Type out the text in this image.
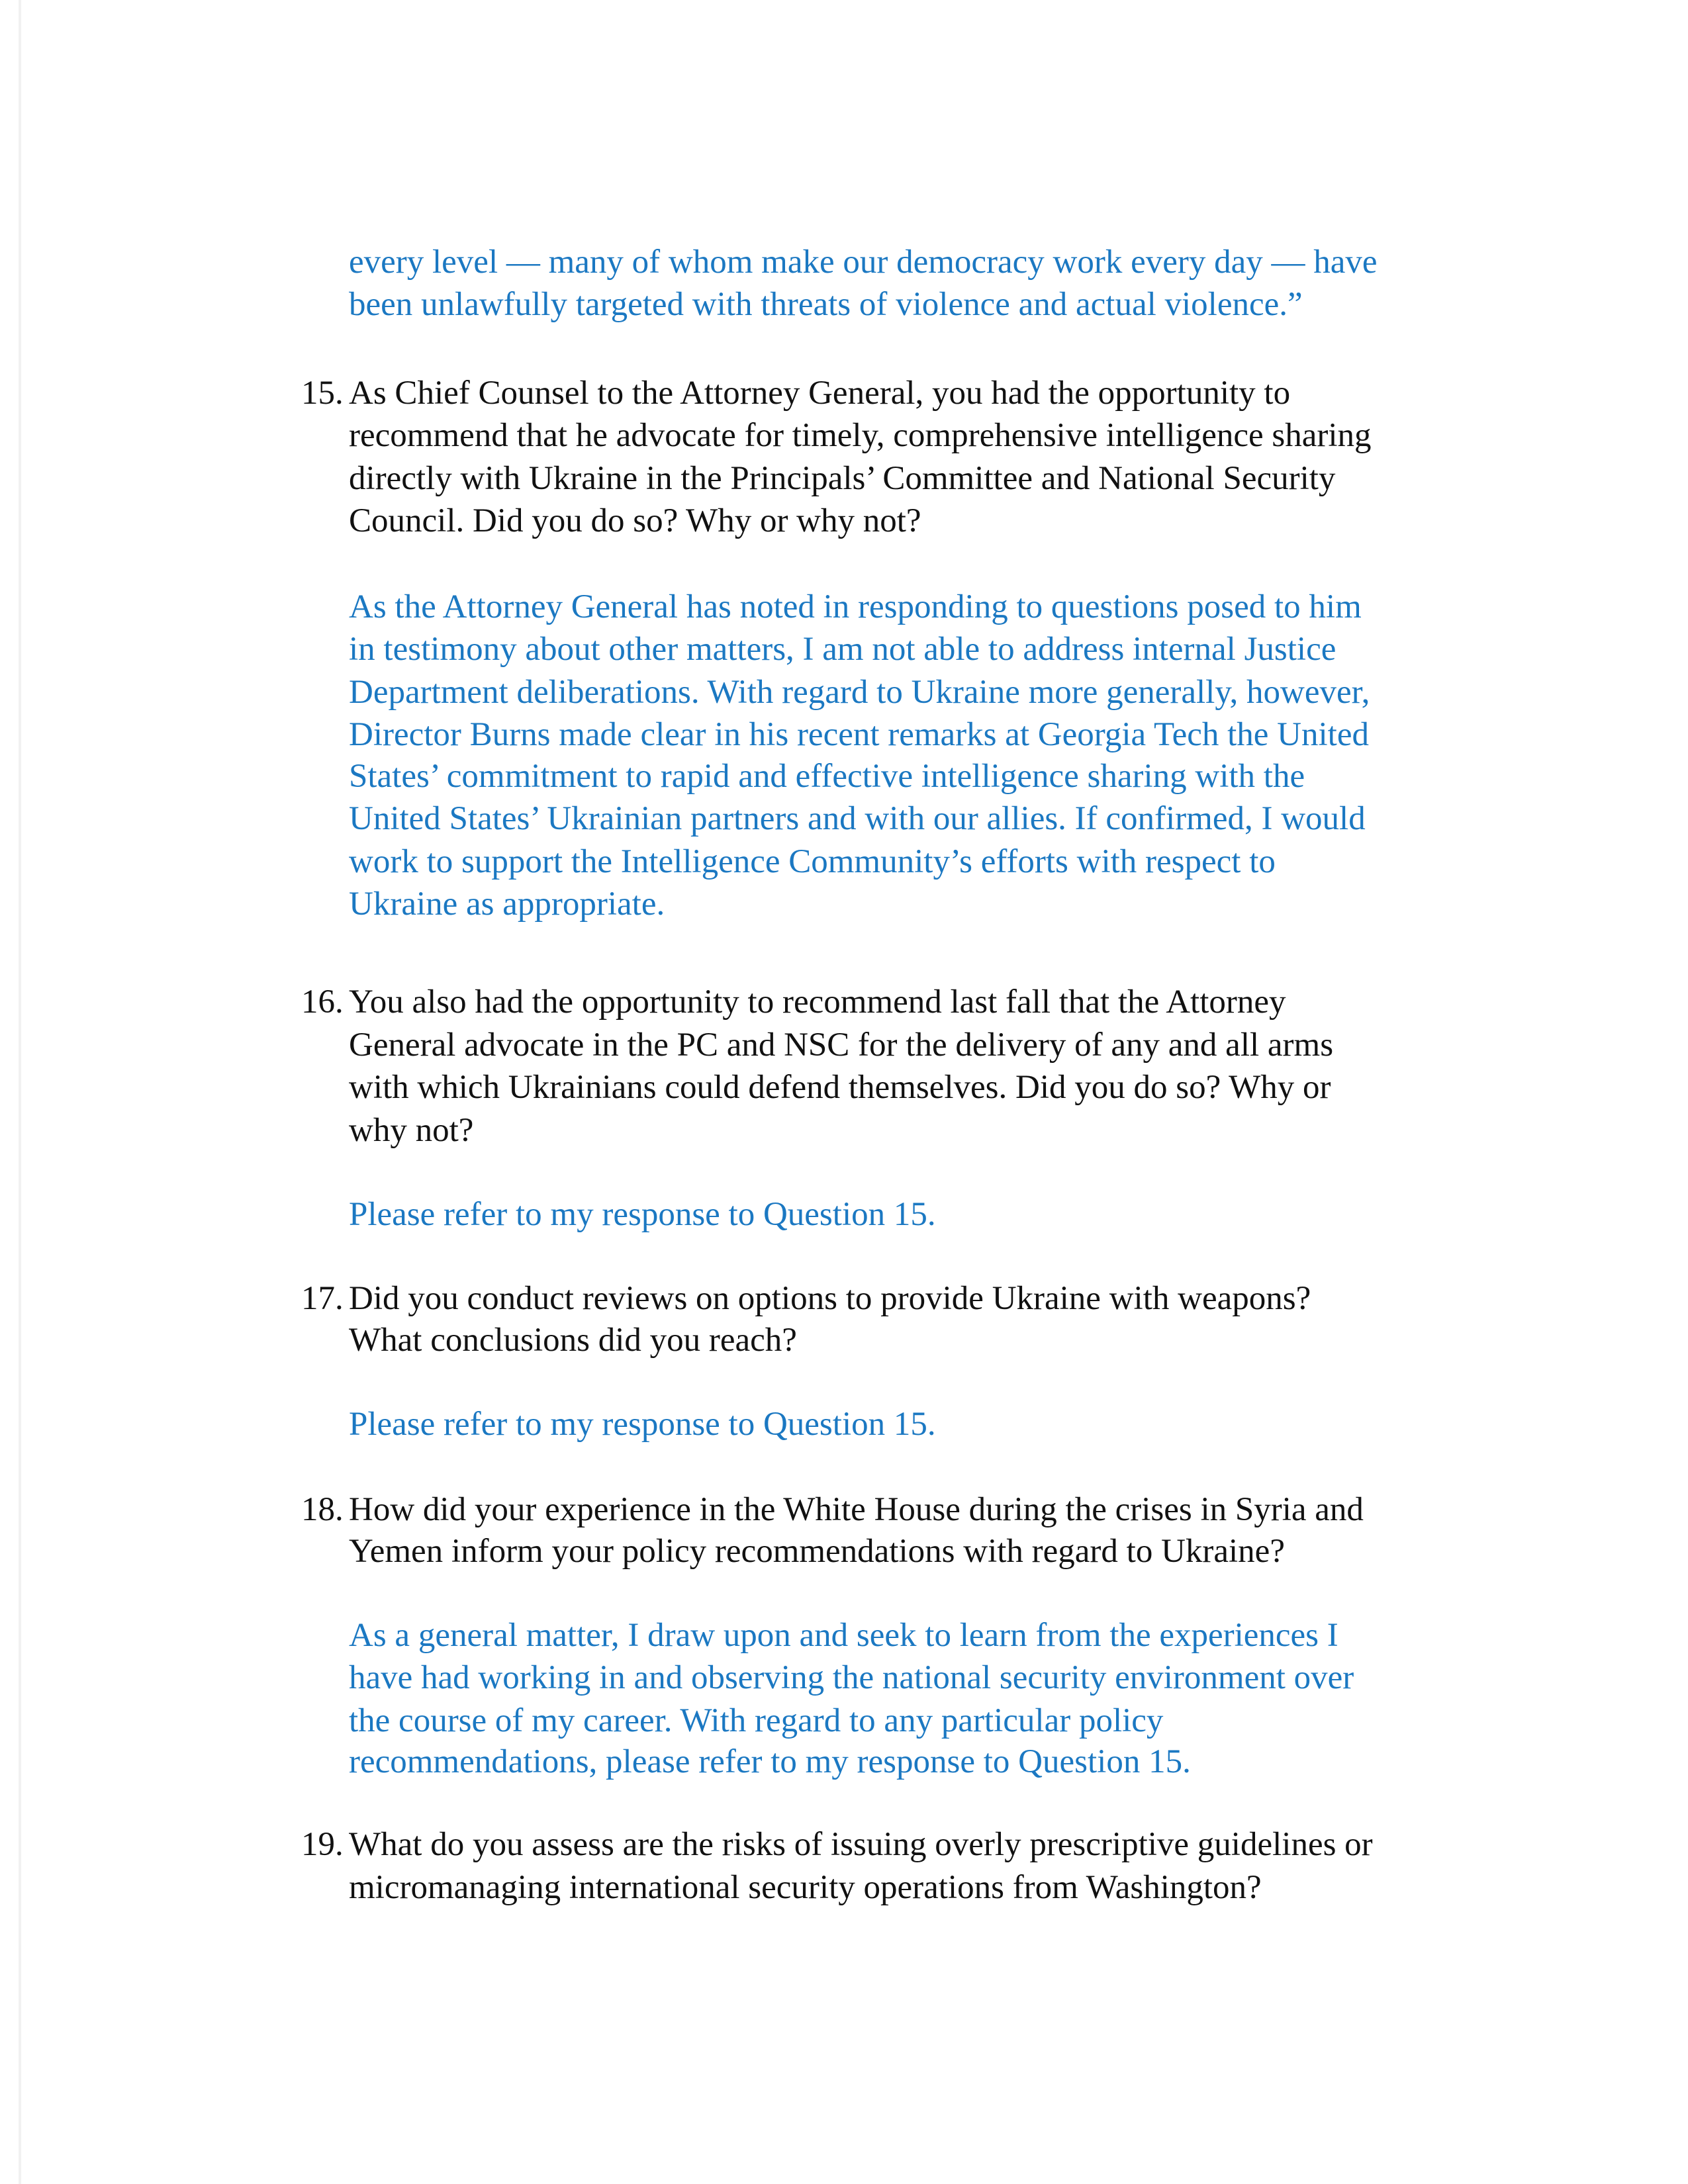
every level — many of whom make our democracy work every day — have
been unlawfully targeted with threats of violence and actual violence.”
15. As Chief Counsel to the Attorney General, you had the opportunity to
recommend that he advocate for timely, comprehensive intelligence sharing
directly with Ukraine in the Principals’ Committee and National Security
Council. Did you do so? Why or why not?
As the Attorney General has noted in responding to questions posed to him
in testimony about other matters, I am not able to address internal Justice
Department deliberations. With regard to Ukraine more generally, however,
Director Burns made clear in his recent remarks at Georgia Tech the United
States’ commitment to rapid and effective intelligence sharing with the
United States’ Ukrainian partners and with our allies. If confirmed, I would
work to support the Intelligence Community’s efforts with respect to
Ukraine as appropriate.
16. You also had the opportunity to recommend last fall that the Attorney
General advocate in the PC and NSC for the delivery of any and all arms
with which Ukrainians could defend themselves. Did you do so? Why or
why not?
Please refer to my response to Question 15.
17. Did you conduct reviews on options to provide Ukraine with weapons?
What conclusions did you reach?
Please refer to my response to Question 15.
18. How did your experience in the White House during the crises in Syria and
Yemen inform your policy recommendations with regard to Ukraine?
As a general matter, I draw upon and seek to learn from the experiences I
have had working in and observing the national security environment over
the course of my career. With regard to any particular policy
recommendations, please refer to my response to Question 15.
19. What do you assess are the risks of issuing overly prescriptive guidelines or
micromanaging international security operations from Washington?
